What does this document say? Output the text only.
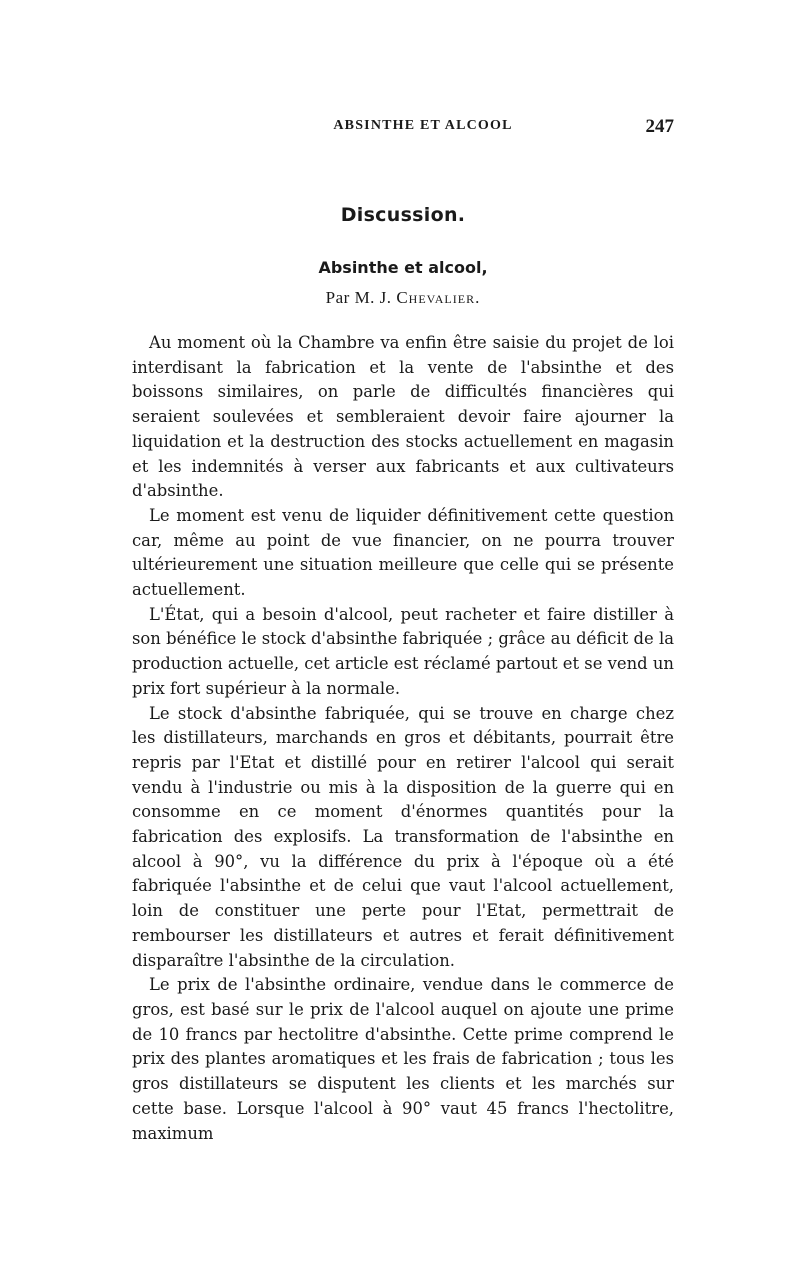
ABSINTHE ET ALCOOL	247
Discussion.
Absinthe et alcool,
Par M. J. Chevalier.

Au moment où la Chambre va enfin être saisie du projet de loi interdisant la fabrication et la vente de l'absinthe et des boissons similaires, on parle de difficultés financières qui seraient soulevées et sembleraient devoir faire ajourner la liquidation et la destruction des stocks actuellement en magasin et les indemnités à verser aux fabricants et aux cultivateurs d'absinthe.

Le moment est venu de liquider définitivement cette question car, même au point de vue financier, on ne pourra trouver ultérieurement une situation meilleure que celle qui se présente actuellement.

L'État, qui a besoin d'alcool, peut racheter et faire distiller à son bénéfice le stock d'absinthe fabriquée ; grâce au déficit de la production actuelle, cet article est réclamé partout et se vend un prix fort supérieur à la normale.

Le stock d'absinthe fabriquée, qui se trouve en charge chez les distillateurs, marchands en gros et débitants, pourrait être repris par l'Etat et distillé pour en retirer l'alcool qui serait vendu à l'industrie ou mis à la disposition de la guerre qui en consomme en ce moment d'énormes quantités pour la fabrication des explosifs. La transformation de l'absinthe en alcool à 90°, vu la différence du prix à l'époque où a été fabriquée l'absinthe et de celui que vaut l'alcool actuellement, loin de constituer une perte pour l'Etat, permettrait de rembourser les distillateurs et autres et ferait définitivement disparaître l'absinthe de la circulation.

Le prix de l'absinthe ordinaire, vendue dans le commerce de gros, est basé sur le prix de l'alcool auquel on ajoute une prime de 10 francs par hectolitre d'absinthe. Cette prime comprend le prix des plantes aromatiques et les frais de fabrication ; tous les gros distillateurs se disputent les clients et les marchés sur cette base. Lorsque l'alcool à 90° vaut 45 francs l'hectolitre, maximum
